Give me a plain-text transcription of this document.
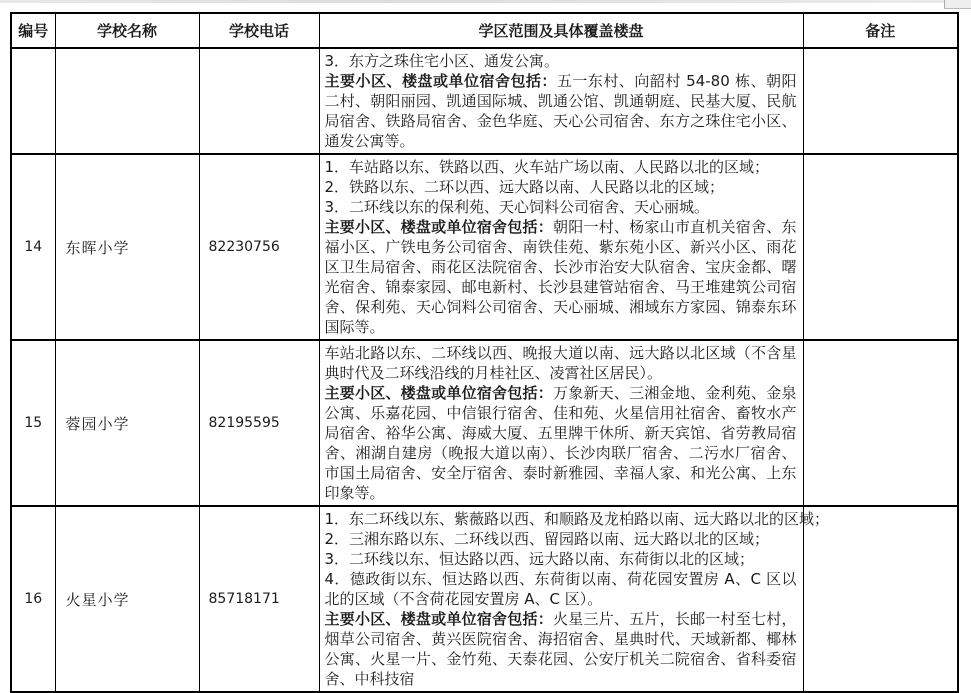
编号	学校名称	学校电话	学区范围及具体覆盖楼盘	备注

			3．东方之珠住宅小区、通发公寓。
主要小区、楼盘或单位宿舍包括：五一东村、向韶村 54-80 栋、朝阳二村、朝阳丽园、凯通国际城、凯通公馆、凯通朝庭、民基大厦、民航局宿舍、铁路局宿舍、金色华庭、天心公司宿舍、东方之珠住宅小区、通发公寓等。	

14	东晖小学	82230756	1．车站路以东、铁路以西、火车站广场以南、人民路以北的区域；
2．铁路以东、二环以西、远大路以南、人民路以北的区域；
3．二环线以东的保利苑、天心饲料公司宿舍、天心丽城。
主要小区、楼盘或单位宿舍包括：朝阳一村、杨家山市直机关宿舍、东福小区、广铁电务公司宿舍、南铁佳苑、紫东苑小区、新兴小区、雨花区卫生局宿舍、雨花区法院宿舍、长沙市治安大队宿舍、宝庆金都、曙光宿舍、锦泰家园、邮电新村、长沙县建管站宿舍、马王堆建筑公司宿舍、保利苑、天心饲料公司宿舍、天心丽城、湘域东方家园、锦泰东环国际等。	

15	蓉园小学	82195595	车站北路以东、二环线以西、晚报大道以南、远大路以北区域（不含星典时代及二环线沿线的月桂社区、凌霄社区居民）。
主要小区、楼盘或单位宿舍包括：万象新天、三湘金地、金利苑、金泉公寓、乐嘉花园、中信银行宿舍、佳和苑、火星信用社宿舍、畜牧水产局宿舍、裕华公寓、海威大厦、五里牌干休所、新天宾馆、省劳教局宿舍、湘湖自建房（晚报大道以南）、长沙肉联厂宿舍、二污水厂宿舍、市国土局宿舍、安全厅宿舍、泰时新雅园、幸福人家、和光公寓、上东印象等。	

16	火星小学	85718171	1．东二环线以东、紫薇路以西、和顺路及龙柏路以南、远大路以北的区域；
2．三湘东路以东、二环线以西、留园路以南、远大路以北的区域；
3．二环线以东、恒达路以西、远大路以南、东荷街以北的区域；
4．德政街以东、恒达路以西、东荷街以南、荷花园安置房 A、C 区以北的区域（不含荷花园安置房 A、C 区）。
主要小区、楼盘或单位宿舍包括：火星三片、五片，长邮一村至七村，烟草公司宿舍、黄兴医院宿舍、海招宿舍、星典时代、天域新都、椰林公寓、火星一片、金竹苑、天泰花园、公安厅机关二院宿舍、省科委宿舍、中科技宿	
